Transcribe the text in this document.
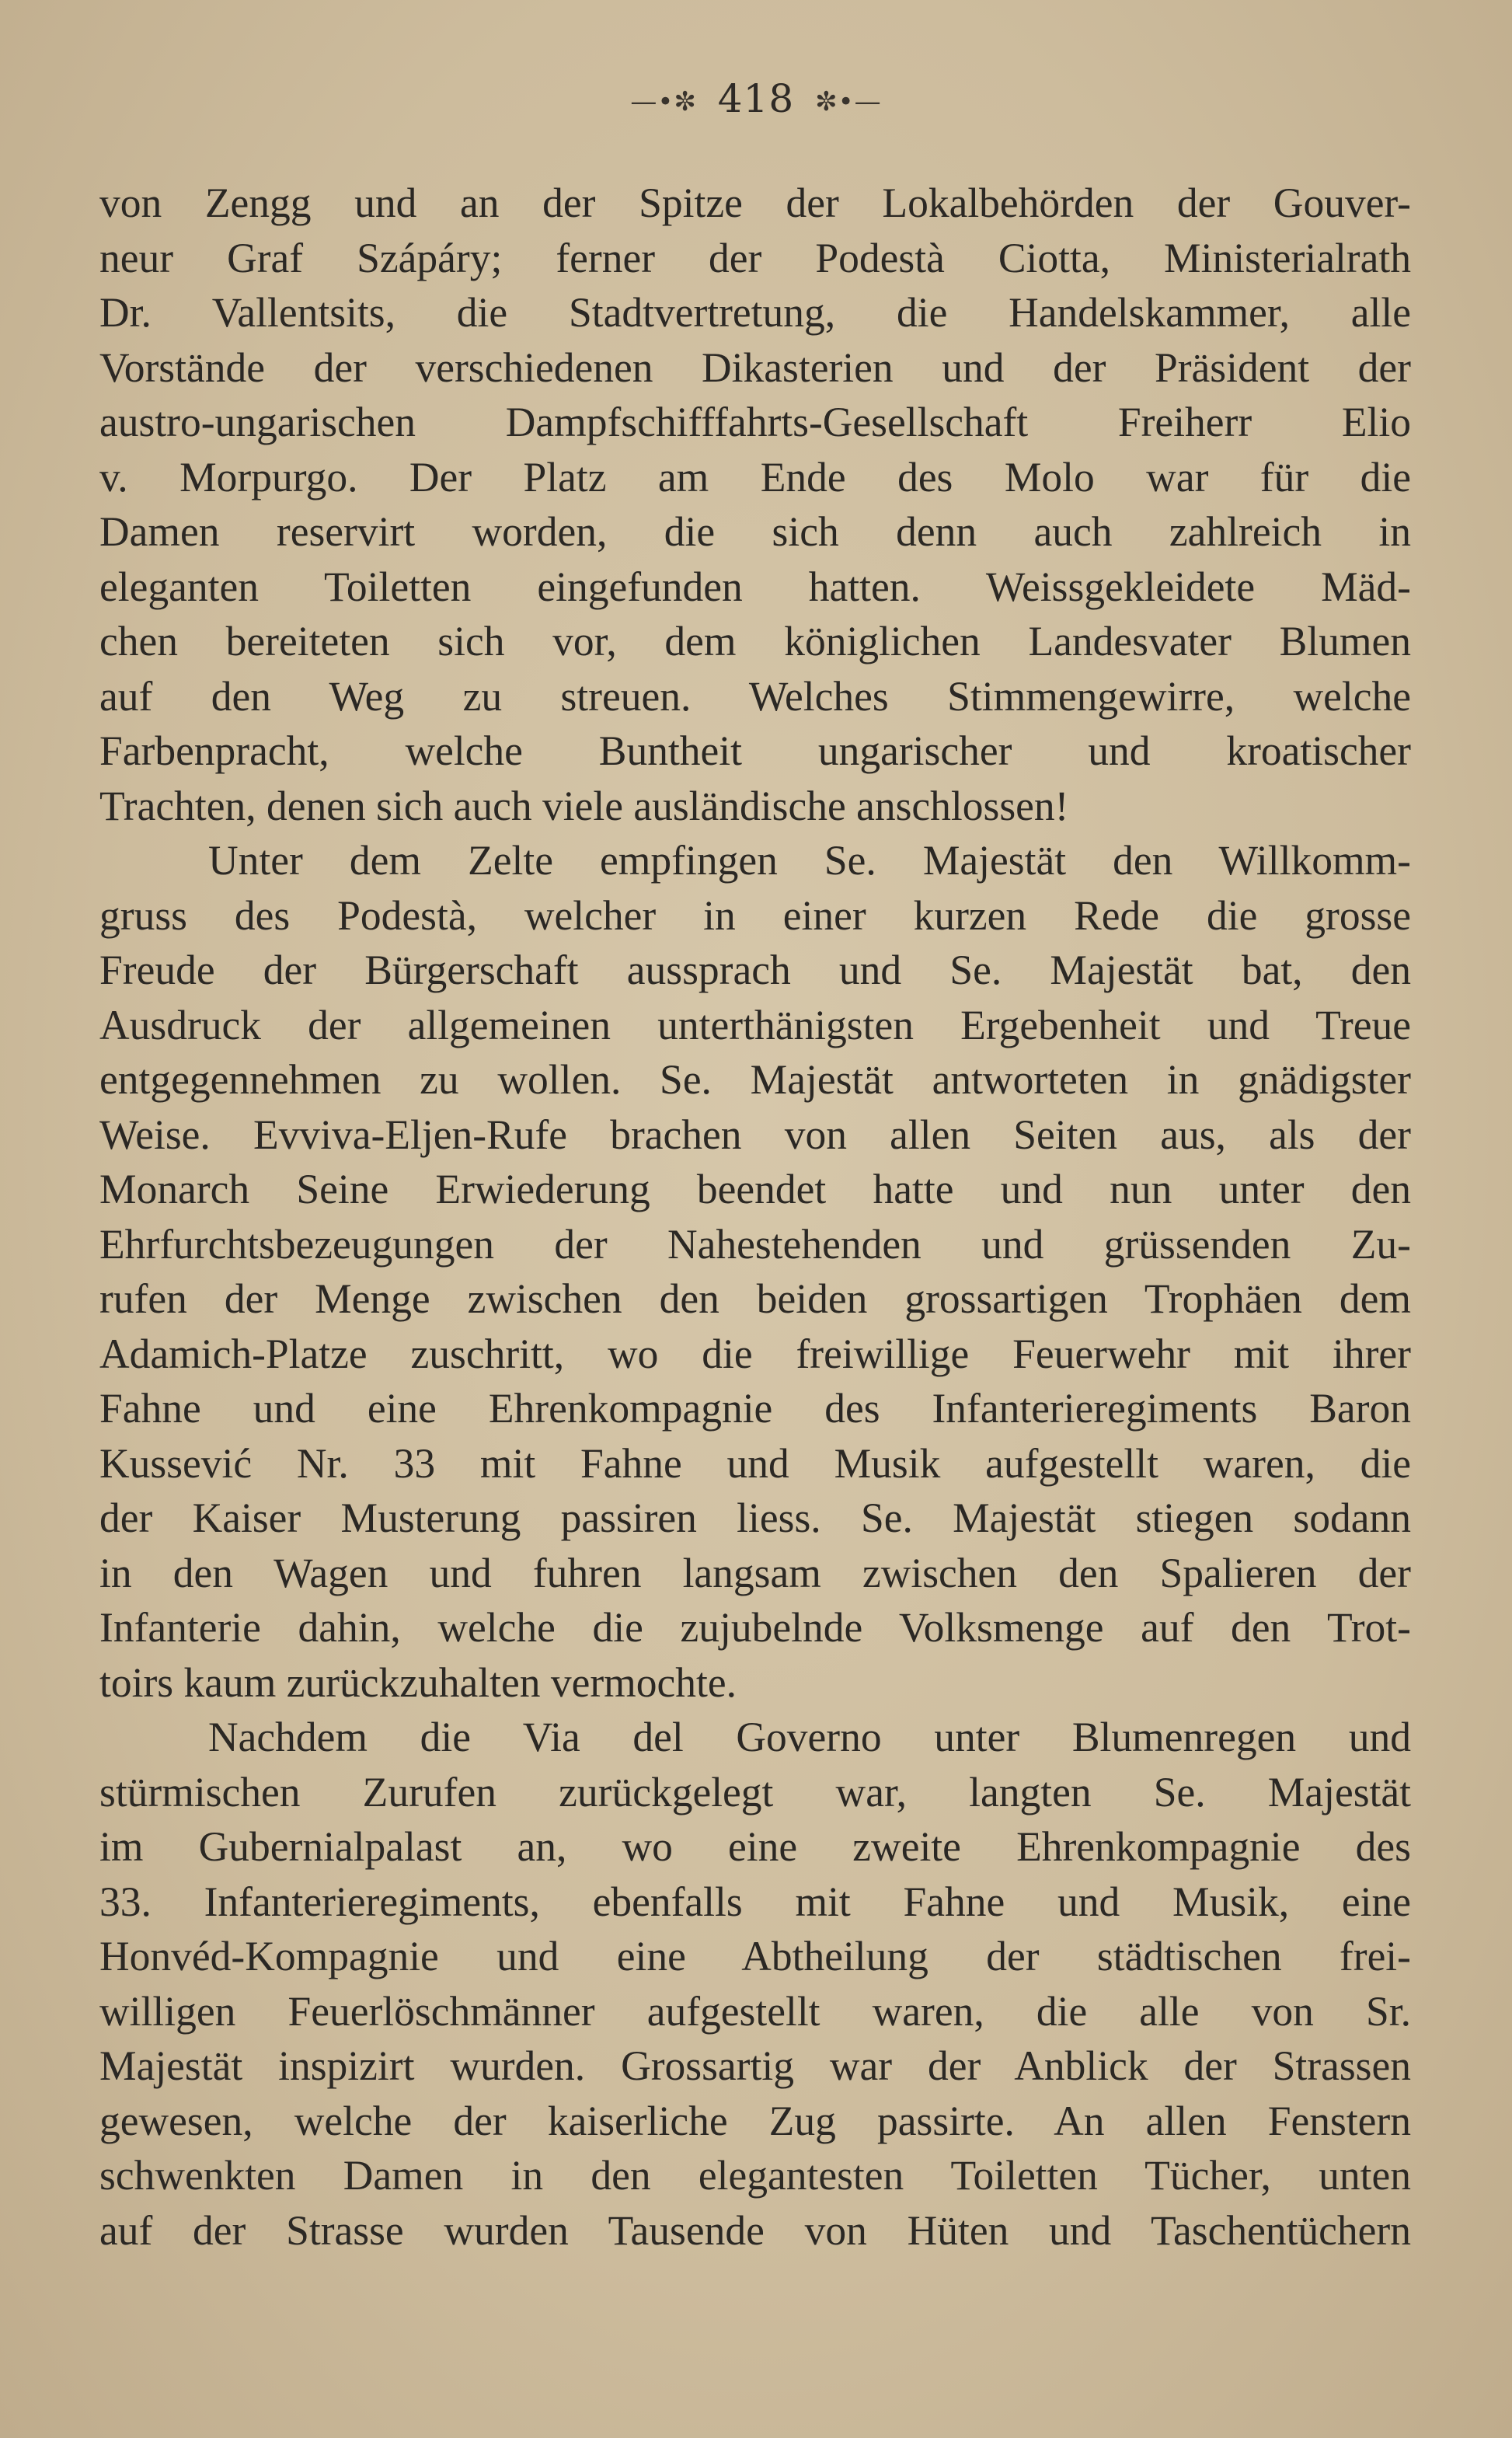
—•✼ 418 ✼•—
von Zengg und an der Spitze der Lokalbehörden der Gouver-
neur Graf Szápáry; ferner der Podestà Ciotta, Ministerialrath
Dr. Vallentsits, die Stadtvertretung, die Handelskammer, alle
Vorstände der verschiedenen Dikasterien und der Präsident der
austro-ungarischen Dampfschifffahrts-Gesellschaft Freiherr Elio
v. Morpurgo. Der Platz am Ende des Molo war für die
Damen reservirt worden, die sich denn auch zahlreich in
eleganten Toiletten eingefunden hatten. Weissgekleidete Mäd-
chen bereiteten sich vor, dem königlichen Landesvater Blumen
auf den Weg zu streuen. Welches Stimmengewirre, welche
Farbenpracht, welche Buntheit ungarischer und kroatischer
Trachten, denen sich auch viele ausländische anschlossen!
Unter dem Zelte empfingen Se. Majestät den Willkomm-
gruss des Podestà, welcher in einer kurzen Rede die grosse
Freude der Bürgerschaft aussprach und Se. Majestät bat, den
Ausdruck der allgemeinen unterthänigsten Ergebenheit und Treue
entgegennehmen zu wollen. Se. Majestät antworteten in gnädigster
Weise. Evviva-Eljen-Rufe brachen von allen Seiten aus, als der
Monarch Seine Erwiederung beendet hatte und nun unter den
Ehrfurchtsbezeugungen der Nahestehenden und grüssenden Zu-
rufen der Menge zwischen den beiden grossartigen Trophäen dem
Adamich-Platze zuschritt, wo die freiwillige Feuerwehr mit ihrer
Fahne und eine Ehrenkompagnie des Infanterieregiments Baron
Kussević Nr. 33 mit Fahne und Musik aufgestellt waren, die
der Kaiser Musterung passiren liess. Se. Majestät stiegen sodann
in den Wagen und fuhren langsam zwischen den Spalieren der
Infanterie dahin, welche die zujubelnde Volksmenge auf den Trot-
toirs kaum zurückzuhalten vermochte.
Nachdem die Via del Governo unter Blumenregen und
stürmischen Zurufen zurückgelegt war, langten Se. Majestät
im Gubernialpalast an, wo eine zweite Ehrenkompagnie des
33. Infanterieregiments, ebenfalls mit Fahne und Musik, eine
Honvéd-Kompagnie und eine Abtheilung der städtischen frei-
willigen Feuerlöschmänner aufgestellt waren, die alle von Sr.
Majestät inspizirt wurden. Grossartig war der Anblick der Strassen
gewesen, welche der kaiserliche Zug passirte. An allen Fenstern
schwenkten Damen in den elegantesten Toiletten Tücher, unten
auf der Strasse wurden Tausende von Hüten und Taschentüchern
